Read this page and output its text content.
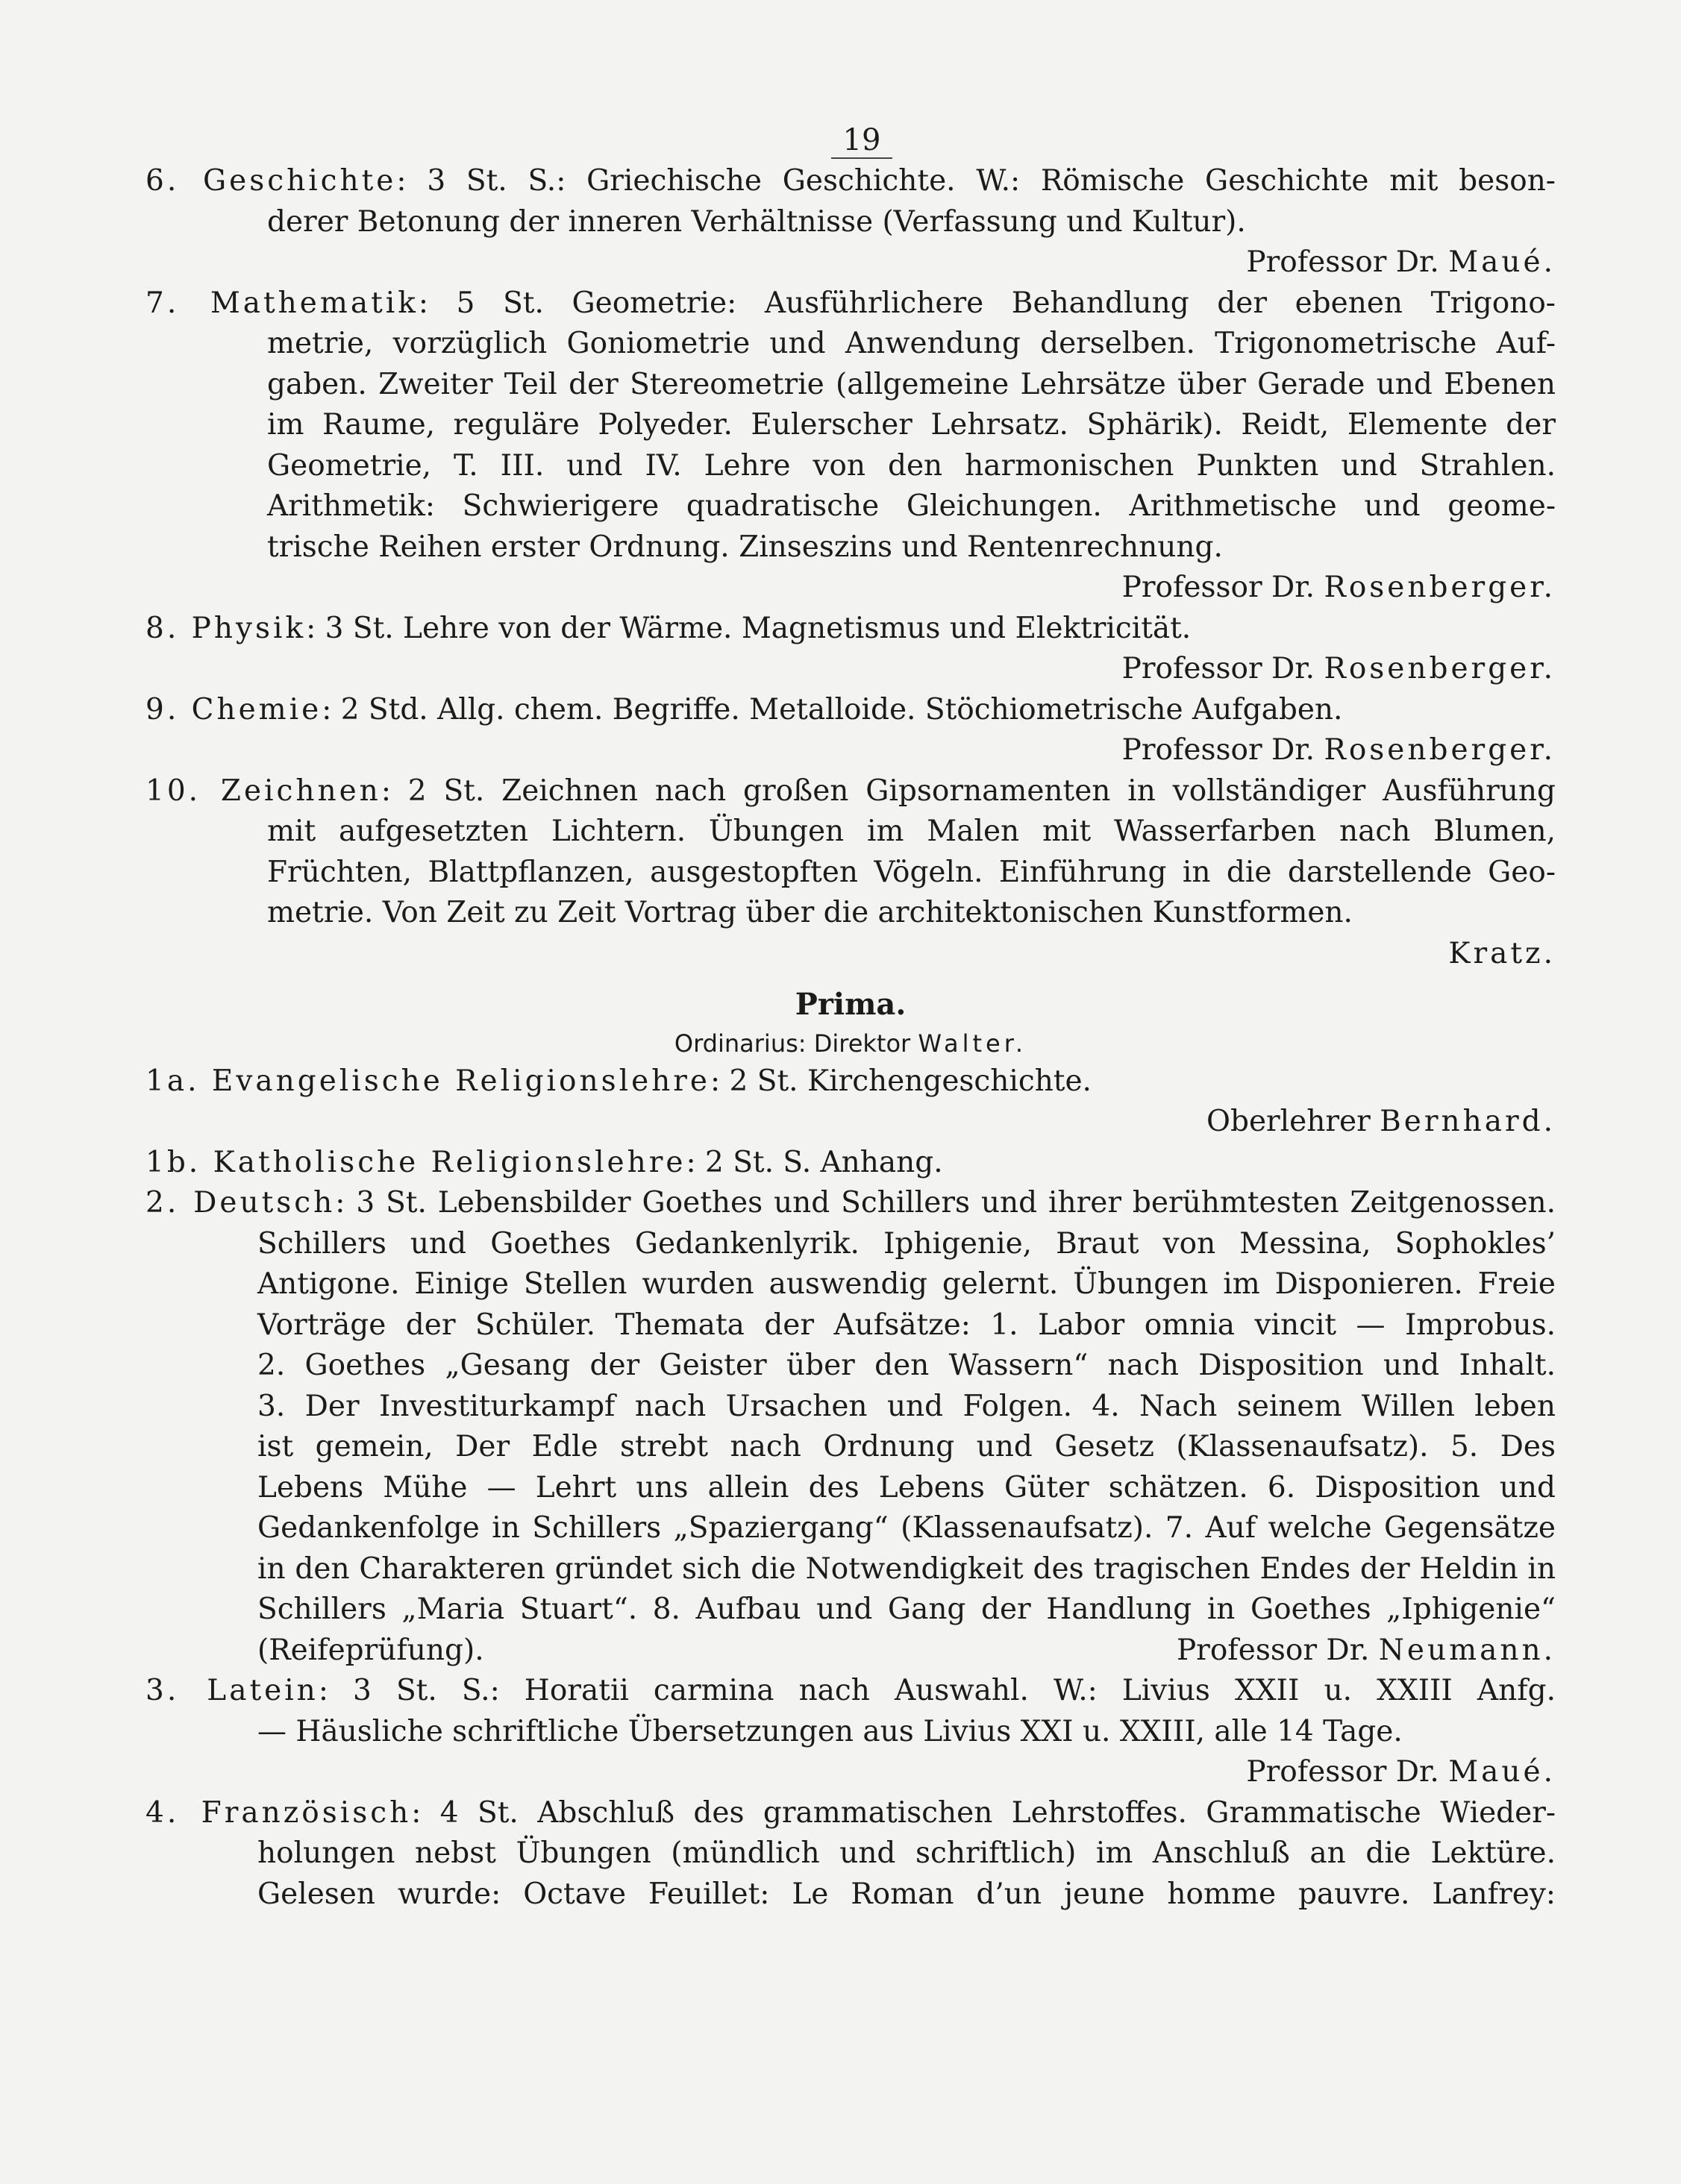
19
6. Geschichte: 3 St. S.: Griechische Geschichte. W.: Römische Geschichte mit beson-
derer Betonung der inneren Verhältnisse (Verfassung und Kultur).
Professor Dr. Maué.
7. Mathematik: 5 St. Geometrie: Ausführlichere Behandlung der ebenen Trigono-
metrie, vorzüglich Goniometrie und Anwendung derselben. Trigonometrische Auf-
gaben. Zweiter Teil der Stereometrie (allgemeine Lehrsätze über Gerade und Ebenen
im Raume, reguläre Polyeder. Eulerscher Lehrsatz. Sphärik). Reidt, Elemente der
Geometrie, T. III. und IV. Lehre von den harmonischen Punkten und Strahlen.
Arithmetik: Schwierigere quadratische Gleichungen. Arithmetische und geome-
trische Reihen erster Ordnung. Zinseszins und Rentenrechnung.
Professor Dr. Rosenberger.
8. Physik: 3 St. Lehre von der Wärme. Magnetismus und Elektricität.
Professor Dr. Rosenberger.
9. Chemie: 2 Std. Allg. chem. Begriffe. Metalloide. Stöchiometrische Aufgaben.
Professor Dr. Rosenberger.
10. Zeichnen: 2 St. Zeichnen nach großen Gipsornamenten in vollständiger Ausführung
mit aufgesetzten Lichtern. Übungen im Malen mit Wasserfarben nach Blumen,
Früchten, Blattpflanzen, ausgestopften Vögeln. Einführung in die darstellende Geo-
metrie. Von Zeit zu Zeit Vortrag über die architektonischen Kunstformen.
Kratz.
Prima.
Ordinarius: Direktor Walter.
1a. Evangelische Religionslehre: 2 St. Kirchengeschichte.
Oberlehrer Bernhard.
1b. Katholische Religionslehre: 2 St. S. Anhang.
2. Deutsch: 3 St. Lebensbilder Goethes und Schillers und ihrer berühmtesten Zeitgenossen.
Schillers und Goethes Gedankenlyrik. Iphigenie, Braut von Messina, Sophokles’
Antigone. Einige Stellen wurden auswendig gelernt. Übungen im Disponieren. Freie
Vorträge der Schüler. Themata der Aufsätze: 1. Labor omnia vincit — Improbus.
2. Goethes „Gesang der Geister über den Wassern“ nach Disposition und Inhalt.
3. Der Investiturkampf nach Ursachen und Folgen. 4. Nach seinem Willen leben
ist gemein, Der Edle strebt nach Ordnung und Gesetz (Klassenaufsatz). 5. Des
Lebens Mühe — Lehrt uns allein des Lebens Güter schätzen. 6. Disposition und
Gedankenfolge in Schillers „Spaziergang“ (Klassenaufsatz). 7. Auf welche Gegensätze
in den Charakteren gründet sich die Notwendigkeit des tragischen Endes der Heldin in
Schillers „Maria Stuart“. 8. Aufbau und Gang der Handlung in Goethes „Iphigenie“
(Reifeprüfung).	Professor Dr. Neumann.
3. Latein: 3 St. S.: Horatii carmina nach Auswahl. W.: Livius XXII u. XXIII Anfg.
— Häusliche schriftliche Übersetzungen aus Livius XXI u. XXIII, alle 14 Tage.
Professor Dr. Maué.
4. Französisch: 4 St. Abschluß des grammatischen Lehrstoffes. Grammatische Wieder-
holungen nebst Übungen (mündlich und schriftlich) im Anschluß an die Lektüre.
Gelesen wurde: Octave Feuillet: Le Roman d’un jeune homme pauvre. Lanfrey:
